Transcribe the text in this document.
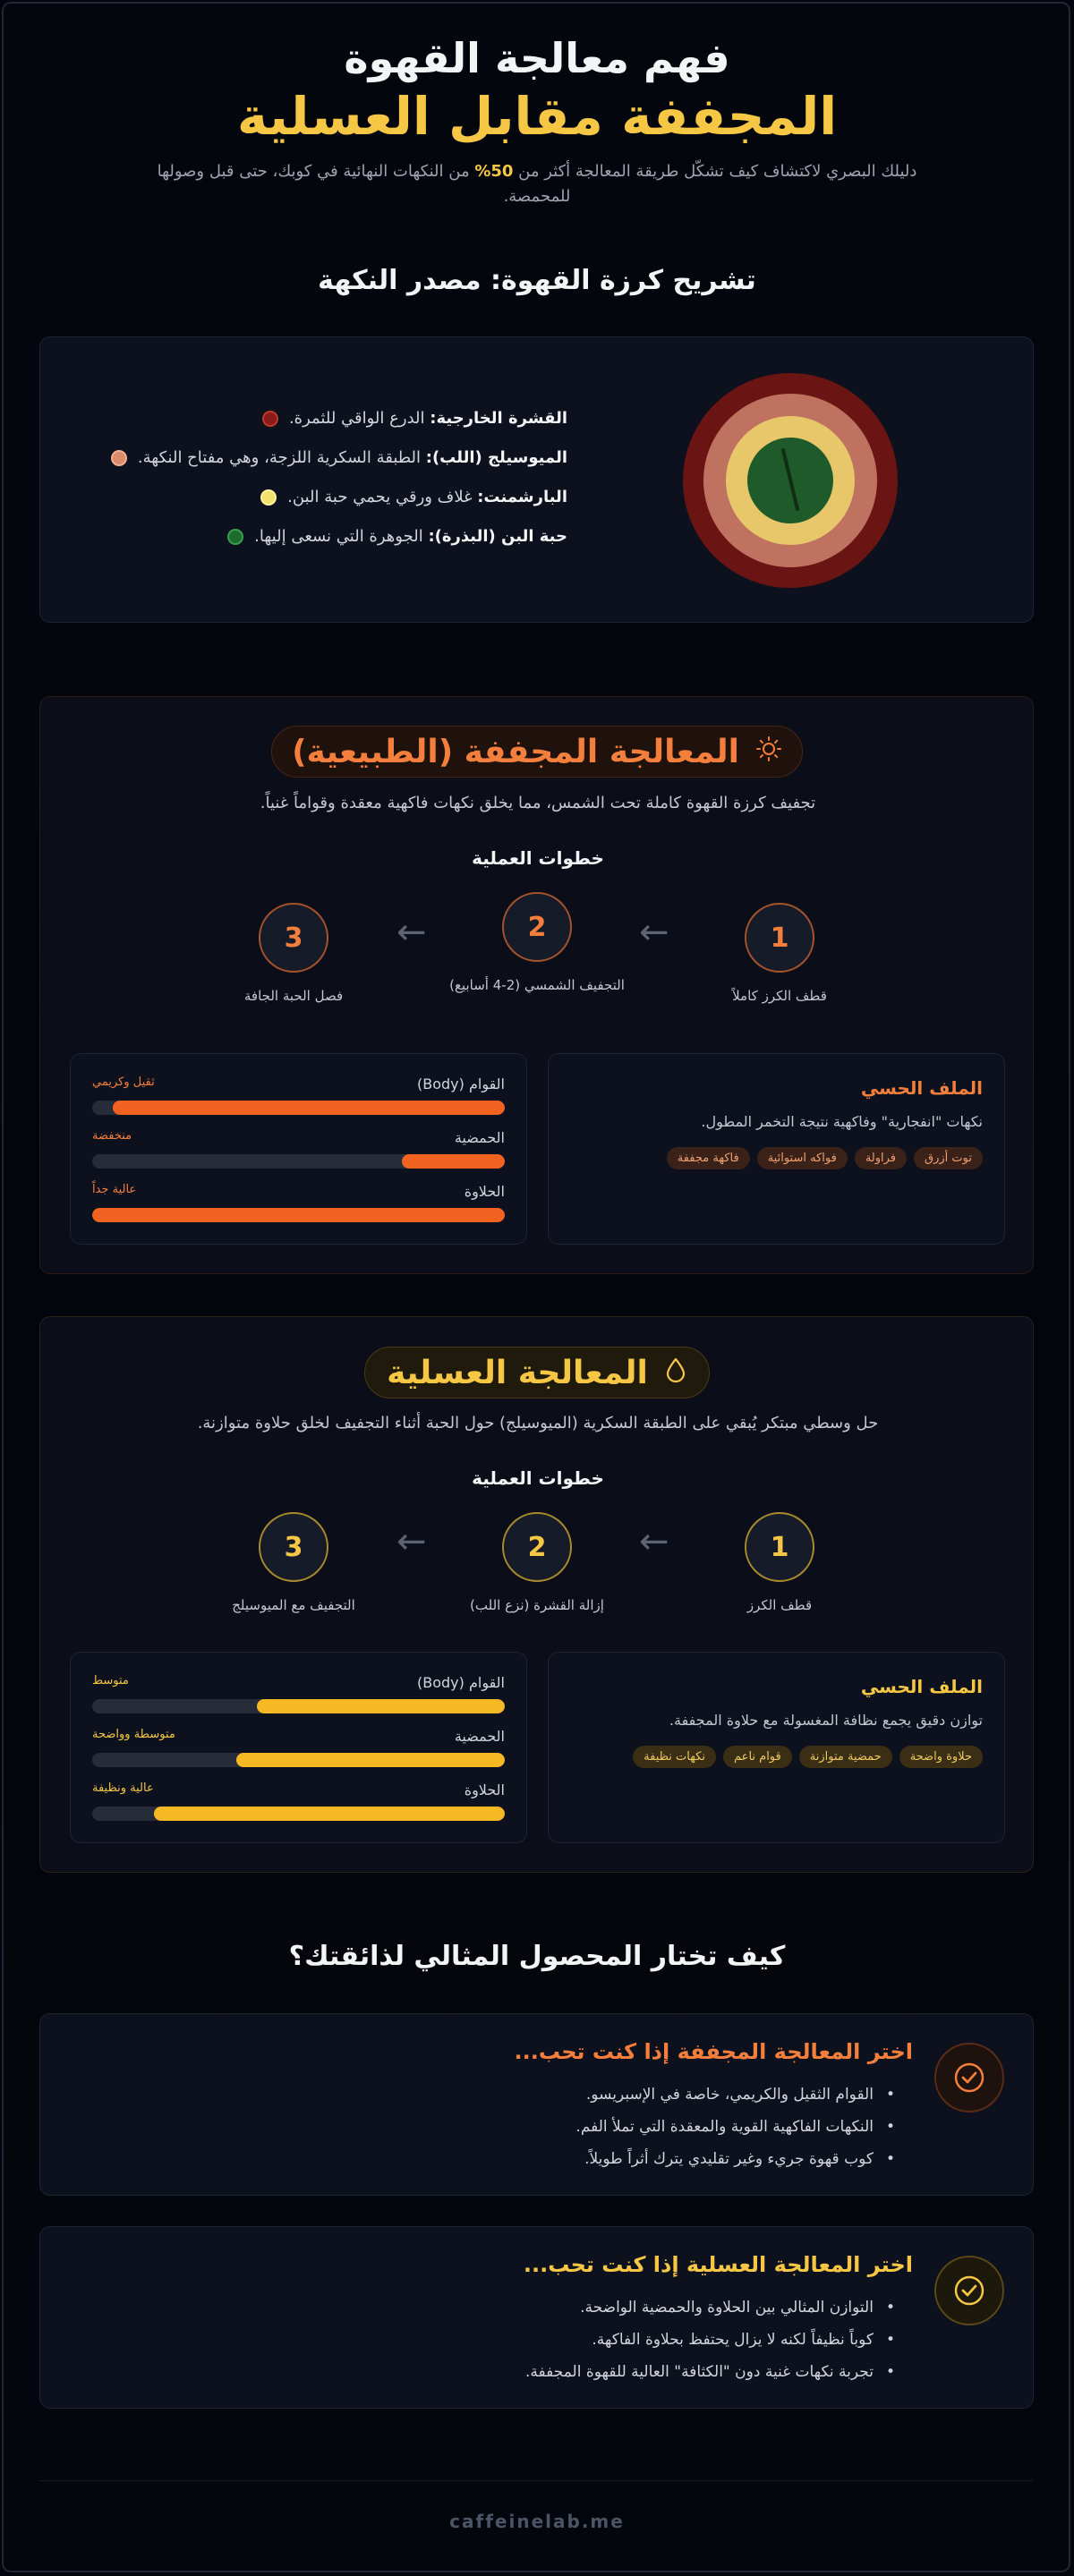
فهم معالجة القهوة
المجففة مقابل العسلية
دليلك البصري لاكتشاف كيف تشكّل طريقة المعالجة أكثر من 50% من النكهات النهائية في كوبك، حتى قبل وصولها للمحمصة.
تشريح كرزة القهوة: مصدر النكهة
القشرة الخارجية: الدرع الواقي للثمرة.
الميوسيلج (اللب): الطبقة السكرية اللزجة، وهي مفتاح النكهة.
البارشمنت: غلاف ورقي يحمي حبة البن.
حبة البن (البذرة): الجوهرة التي نسعى إليها.
المعالجة المجففة (الطبيعية)
تجفيف كرزة القهوة كاملة تحت الشمس، مما يخلق نكهات فاكهية معقدة وقواماً غنياً.
خطوات العملية
1
قطف الكرز كاملاً
←
2
التجفيف الشمسي (2-4 أسابيع)
←
3
فصل الحبة الجافة
الملف الحسي
نكهات "انفجارية" وفاكهية نتيجة التخمر المطول.
توت أزرق
فراولة
فواكه استوائية
فاكهة مجففة
القوام (Body)
ثقيل وكريمي
الحمضية
منخفضة
الحلاوة
عالية جداً
المعالجة العسلية
حل وسطي مبتكر يُبقي على الطبقة السكرية (الميوسيلج) حول الحبة أثناء التجفيف لخلق حلاوة متوازنة.
خطوات العملية
1
قطف الكرز
←
2
إزالة القشرة (نزع اللب)
←
3
التجفيف مع الميوسيلج
الملف الحسي
توازن دقيق يجمع نظافة المغسولة مع حلاوة المجففة.
حلاوة واضحة
حمضية متوازنة
قوام ناعم
نكهات نظيفة
القوام (Body)
متوسط
الحمضية
متوسطة وواضحة
الحلاوة
عالية ونظيفة
كيف تختار المحصول المثالي لذائقتك؟
اختر المعالجة المجففة إذا كنت تحب...
• القوام الثقيل والكريمي، خاصة في الإسبريسو.
• النكهات الفاكهية القوية والمعقدة التي تملأ الفم.
• كوب قهوة جريء وغير تقليدي يترك أثراً طويلاً.
اختر المعالجة العسلية إذا كنت تحب...
• التوازن المثالي بين الحلاوة والحمضية الواضحة.
• كوباً نظيفاً لكنه لا يزال يحتفظ بحلاوة الفاكهة.
• تجربة نكهات غنية دون "الكثافة" العالية للقهوة المجففة.
caffeinelab.me
